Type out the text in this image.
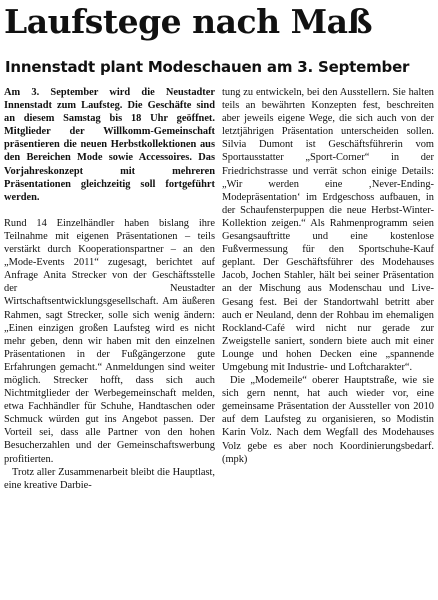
Laufstege nach Maß
Innenstadt plant Modeschauen am 3. September

Am 3. September wird die Neustadter Innenstadt zum Laufsteg. Die Geschäfte sind an diesem Samstag bis 18 Uhr geöffnet. Mitglieder der Willkomm-Gemeinschaft präsentieren die neuen Herbstkollektionen aus den Bereichen Mode sowie Accessoires. Das Vorjahreskonzept mit mehreren Präsentationen gleichzeitig soll fortgeführt werden.

Rund 14 Einzelhändler haben bislang ihre Teilnahme mit eigenen Präsentationen – teils verstärkt durch Kooperationspartner – an den „Mode-Events 2011“ zugesagt, berichtet auf Anfrage Anita Strecker von der Geschäftsstelle der Neustadter Wirtschaftsentwicklungsgesellschaft. Am äußeren Rahmen, sagt Strecker, solle sich wenig ändern: „Einen einzigen großen Laufsteg wird es nicht mehr geben, denn wir haben mit den einzelnen Präsentationen in der Fußgängerzone gute Erfahrungen gemacht.“ Anmeldungen sind weiter möglich. Strecker hofft, dass sich auch Nichtmitglieder der Werbegemeinschaft melden, etwa Fachhändler für Schuhe, Handtaschen oder Schmuck würden gut ins Angebot passen. Der Vorteil sei, dass alle Partner von den hohen Besucherzahlen und der Gemeinschaftswerbung profitierten.

Trotz aller Zusammenarbeit bleibt die Hauptlast, eine kreative Darbie-

tung zu entwickeln, bei den Ausstellern. Sie halten teils an bewährten Konzepten fest, beschreiten aber jeweils eigene Wege, die sich auch von der letztjährigen Präsentation unterscheiden sollen. Silvia Dumont ist Geschäftsführerin vom Sportausstatter „Sport-Corner“ in der Friedrichstrasse und verrät schon einige Details: „Wir werden eine ‚Never-Ending-Modepräsentation‘ im Erdgeschoss aufbauen, in der Schaufensterpuppen die neue Herbst-Winter-Kollektion zeigen.“ Als Rahmenprogramm seien Gesangsauftritte und eine kostenlose Fußvermessung für den Sportschuhe-Kauf geplant. Der Geschäftsführer des Modehauses Jacob, Jochen Stahler, hält bei seiner Präsentation an der Mischung aus Modenschau und Live-Gesang fest. Bei der Standortwahl betritt aber auch er Neuland, denn der Rohbau im ehemaligen Rockland-Café wird nicht nur gerade zur Zweigstelle saniert, sondern biete auch mit einer Lounge und hohen Decken eine „spannende Umgebung mit Industrie- und Loftcharakter“.

Die „Modemeile“ oberer Hauptstraße, wie sie sich gern nennt, hat auch wieder vor, eine gemeinsame Präsentation der Aussteller von 2010 auf dem Laufsteg zu organisieren, so Modistin Karin Volz. Nach dem Wegfall des Modehauses Volz gebe es aber noch Koordinierungsbedarf. (mpk)
